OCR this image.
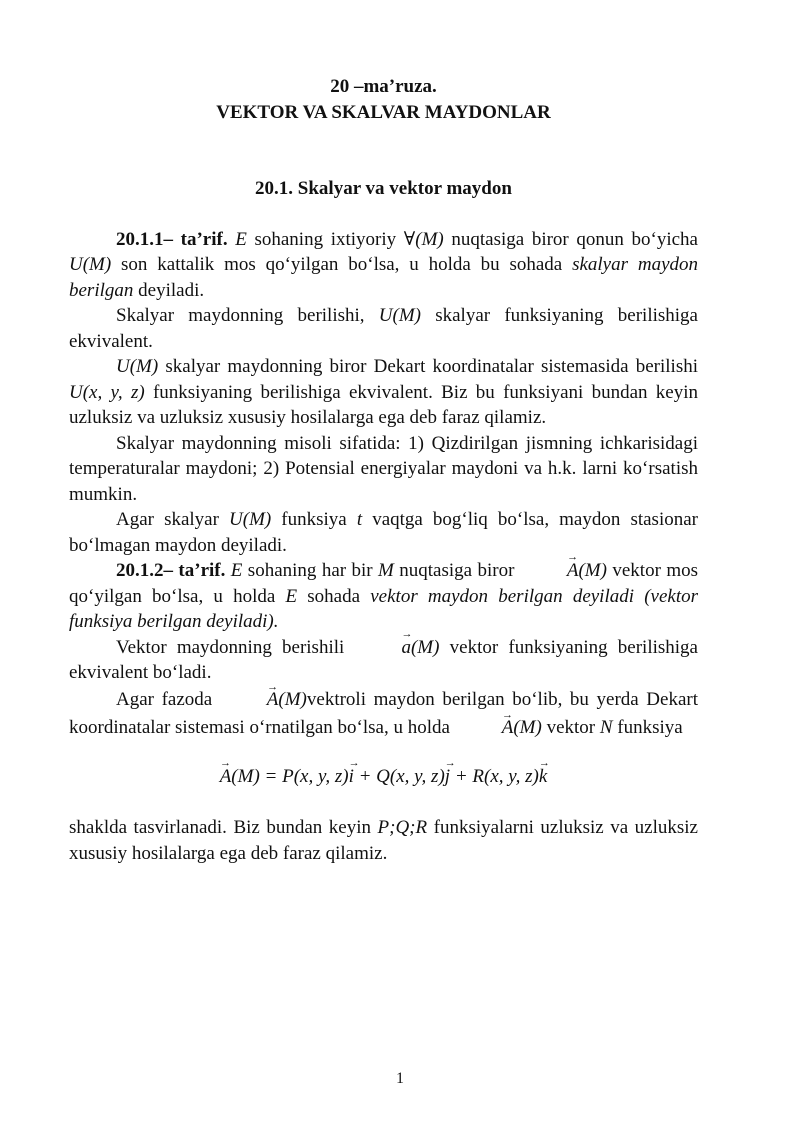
20 –ma’ruza.

VEKTOR VA SKALVAR MAYDONLAR

20.1. Skalyar va vektor maydon

20.1.1– ta’rif. E sohaning ixtiyoriy ∀(M) nuqtasiga biror qonun bo‘yicha U(M) son kattalik mos qo‘yilgan bo‘lsa, u holda bu sohada skalyar maydon berilgan deyiladi.

Skalyar maydonning berilishi, U(M) skalyar funksiyaning berilishiga ekvivalent.

U(M) skalyar maydonning biror Dekart koordinatalar sistemasida berilishi U(x, y, z) funksiyaning berilishiga ekvivalent. Biz bu funksiyani bundan keyin uzluksiz va uzluksiz xususiy hosilalarga ega deb faraz qilamiz.

Skalyar maydonning misoli sifatida: 1) Qizdirilgan jismning ichkarisidagi temperaturalar maydoni; 2) Potensial energiyalar maydoni va h.k. larni ko‘rsatish mumkin.

Agar skalyar U(M) funksiya t vaqtga bog‘liq bo‘lsa, maydon stasionar bo‘lmagan maydon deyiladi.

20.1.2– ta’rif. E sohaning har bir M nuqtasiga biror → A(M) vektor mos qo‘yilgan bo‘lsa, u holda E sohada vektor maydon berilgan deyiladi (vektor funksiya berilgan deyiladi).

Vektor maydonning berishili → a(M) vektor funksiyaning berilishiga ekvivalent bo‘ladi.

Agar fazoda → A(M)vektroli maydon berilgan bo‘lib, bu yerda Dekart koordinatalar sistemasi o‘rnatilgan bo‘lsa, u holda → A(M) vektor N funksiya

→ A(M) = P(x, y, z)→ i + Q(x, y, z)→ j + R(x, y, z)→ k

shaklda tasvirlanadi. Biz bundan keyin P;Q;R funksiyalarni uzluksiz va uzluksiz xususiy hosilalarga ega deb faraz qilamiz.

1
